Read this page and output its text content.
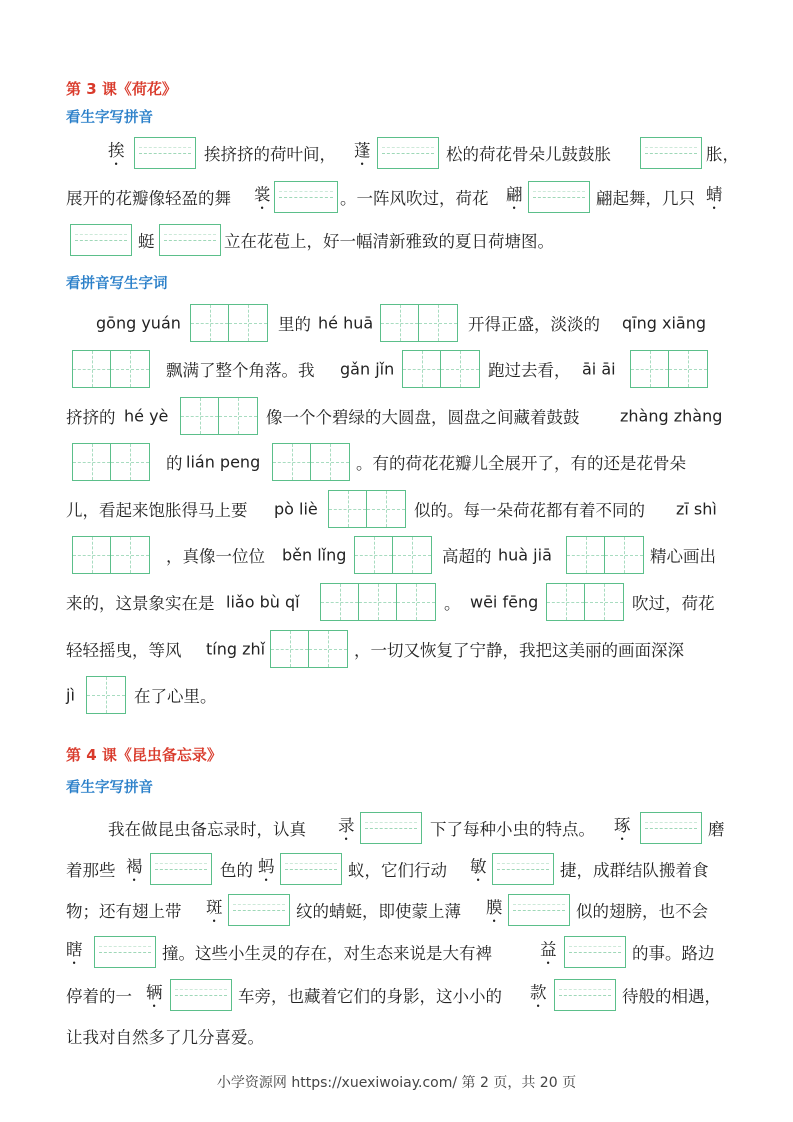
第 3 课《荷花》
看生字写拼音
挨	挨挤挤的荷叶间， 蓬	松的荷花骨朵儿鼓鼓胀	胀，
展开的花瓣像轻盈的舞 裳	。一阵风吹过，荷花 翩	翩起舞，几只 蜻
蜓	立在花苞上，好一幅清新雅致的夏日荷塘图。
看拼音写生字词
gōng yuán	里的 hé huā	开得正盛，淡淡的 qīng xiāng
飘满了整个角落。我 gǎn jǐn	跑过去看， āi āi
挤挤的 hé yè	像一个个碧绿的大圆盘，圆盘之间藏着鼓鼓	zhàng zhàng
的 lián peng	。有的荷花花瓣儿全展开了，有的还是花骨朵
儿，看起来饱胀得马上要 pò liè	似的。每一朵荷花都有着不同的 zī shì
，真像一位位 běn lǐng	高超的 huà jiā	精心画出
来的，这景象实在是 liǎo bù qǐ	。 wēi fēng	吹过，荷花
轻轻摇曳，等风 tíng zhǐ	，一切又恢复了宁静，我把这美丽的画面深深
jì	在了心里。
第 4 课《昆虫备忘录》
看生字写拼音
我在做昆虫备忘录时，认真 录	下了每种小虫的特点。 琢	磨
着那些 褐	色的 蚂	蚁，它们行动 敏	捷，成群结队搬着食
物；还有翅上带 斑	纹的蜻蜓，即使蒙上薄 膜	似的翅膀，也不会
瞎	撞。这些小生灵的存在，对生态来说是大有裨	益	的事。路边
停着的一 辆	车旁，也藏着它们的身影，这小小的 款	待般的相遇，
让我对自然多了几分喜爱。
小学资源网 https://xuexiwoiay.com/ 第 2 页，共 20 页
